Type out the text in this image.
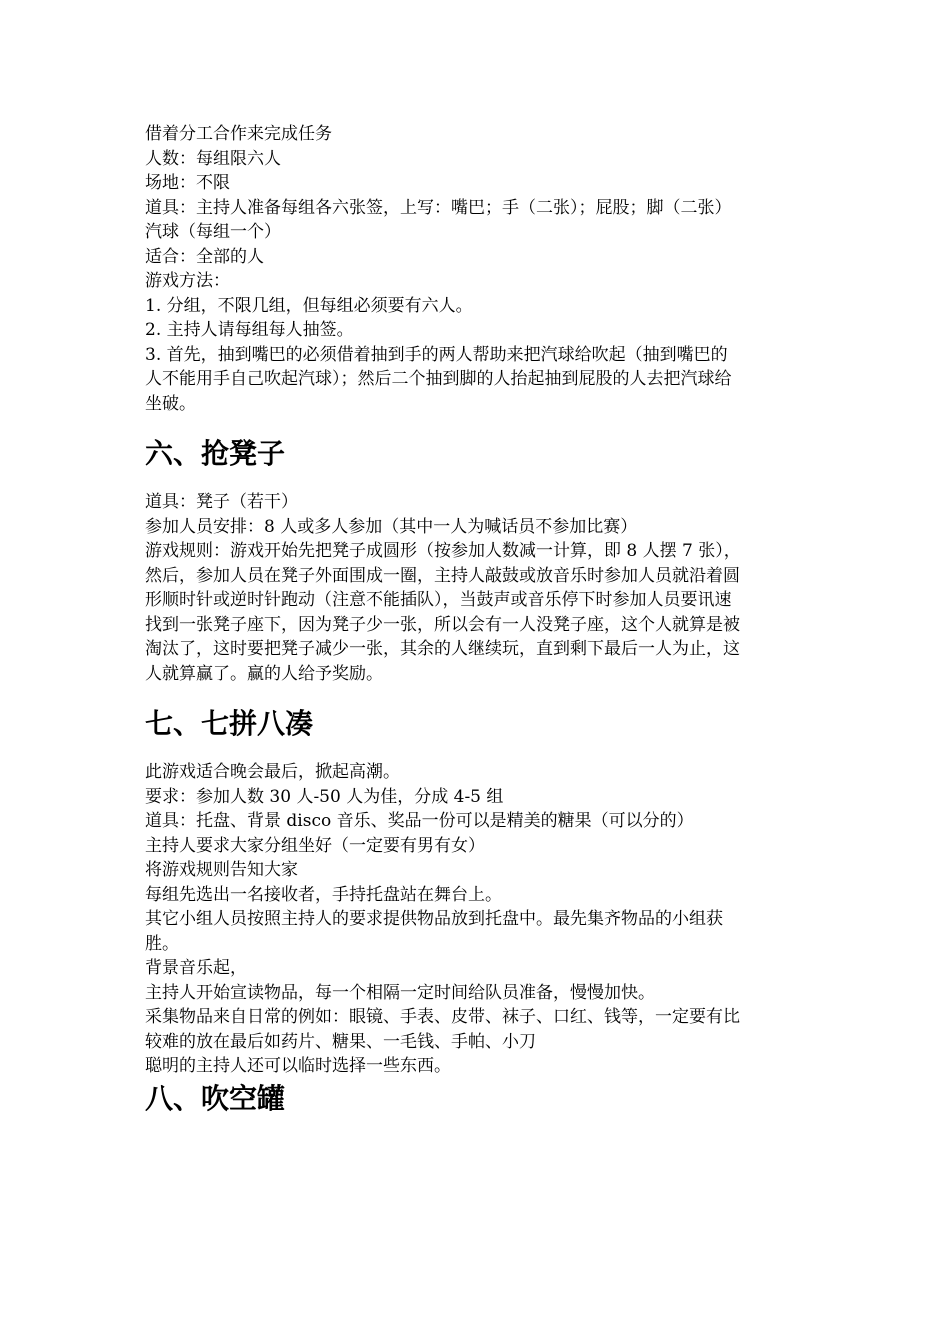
借着分工合作来完成任务
人数：每组限六人
场地：不限
道具：主持人准备每组各六张签，上写：嘴巴；手（二张）；屁股；脚（二张）
汽球（每组一个）
适合：全部的人
游戏方法：
1. 分组，不限几组，但每组必须要有六人。
2. 主持人请每组每人抽签。
3. 首先，抽到嘴巴的必须借着抽到手的两人帮助来把汽球给吹起（抽到嘴巴的
人不能用手自己吹起汽球）；然后二个抽到脚的人抬起抽到屁股的人去把汽球给
坐破。
六、抢凳子
道具：凳子（若干）
参加人员安排：8 人或多人参加（其中一人为喊话员不参加比赛）
游戏规则：游戏开始先把凳子成圆形（按参加人数减一计算，即 8 人摆 7 张），
然后，参加人员在凳子外面围成一圈，主持人敲鼓或放音乐时参加人员就沿着圆
形顺时针或逆时针跑动（注意不能插队），当鼓声或音乐停下时参加人员要讯速
找到一张凳子座下，因为凳子少一张，所以会有一人没凳子座，这个人就算是被
淘汰了，这时要把凳子减少一张，其余的人继续玩，直到剩下最后一人为止，这
人就算赢了。赢的人给予奖励。
七、七拼八凑
此游戏适合晚会最后，掀起高潮。
要求：参加人数 30 人-50 人为佳，分成 4-5 组
道具：托盘、背景 disco 音乐、奖品一份可以是精美的糖果（可以分的）
主持人要求大家分组坐好（一定要有男有女）
将游戏规则告知大家
每组先选出一名接收者，手持托盘站在舞台上。
其它小组人员按照主持人的要求提供物品放到托盘中。最先集齐物品的小组获
胜。
背景音乐起，
主持人开始宣读物品，每一个相隔一定时间给队员准备，慢慢加快。
采集物品来自日常的例如：眼镜、手表、皮带、袜子、口红、钱等，一定要有比
较难的放在最后如药片、糖果、一毛钱、手帕、小刀
聪明的主持人还可以临时选择一些东西。
八、吹空罐
